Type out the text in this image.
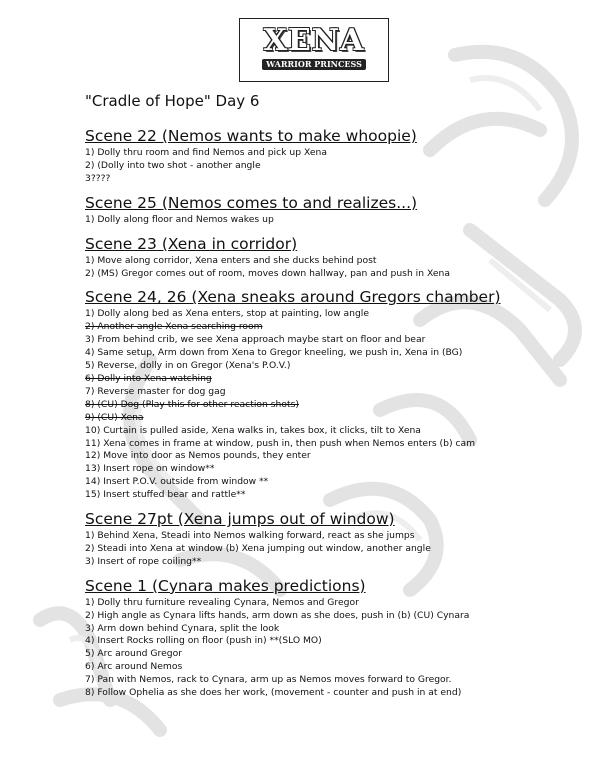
XENA
WARRIOR PRINCESS
"Cradle of Hope" Day 6
Scene 22 (Nemos wants to make whoopie)
1) Dolly thru room and find Nemos and pick up Xena
2) (Dolly into two shot - another angle
3????
Scene 25 (Nemos comes to and realizes...)
1) Dolly along floor and Nemos wakes up
Scene 23 (Xena in corridor)
1) Move along corridor, Xena enters and she ducks behind post
2) (MS) Gregor comes out of room, moves down hallway, pan and push in Xena
Scene 24, 26 (Xena sneaks around Gregors chamber)
1) Dolly along bed as Xena enters, stop at painting, low angle
2) Another angle Xena searching room
3) From behind crib, we see Xena approach maybe start on floor and bear
4) Same setup, Arm down from Xena to Gregor kneeling, we push in, Xena in (BG)
5) Reverse, dolly in on Gregor (Xena's P.O.V.)
6) Dolly into Xena watching
7) Reverse master for dog gag
8) (CU) Dog (Play this for other reaction shots)
9) (CU) Xena
10) Curtain is pulled aside, Xena walks in, takes box, it clicks, tilt to Xena
11) Xena comes in frame at window, push in, then push when Nemos enters (b) cam
12) Move into door as Nemos pounds, they enter
13) Insert rope on window**
14) Insert P.O.V. outside from window **
15) Insert stuffed bear and rattle**
Scene 27pt (Xena jumps out of window)
1) Behind Xena, Steadi into Nemos walking forward, react as she jumps
2) Steadi into Xena at window (b) Xena jumping out window, another angle
3) Insert of rope coiling**
Scene 1 (Cynara makes predictions)
1) Dolly thru furniture revealing Cynara, Nemos and Gregor
2) High angle as Cynara lifts hands, arm down as she does, push in (b) (CU) Cynara
3) Arm down behind Cynara, split the look
4) Insert Rocks rolling on floor (push in) **(SLO MO)
5) Arc around Gregor
6) Arc around Nemos
7) Pan with Nemos, rack to Cynara, arm up as Nemos moves forward to Gregor.
8) Follow Ophelia as she does her work, (movement - counter and push in at end)
